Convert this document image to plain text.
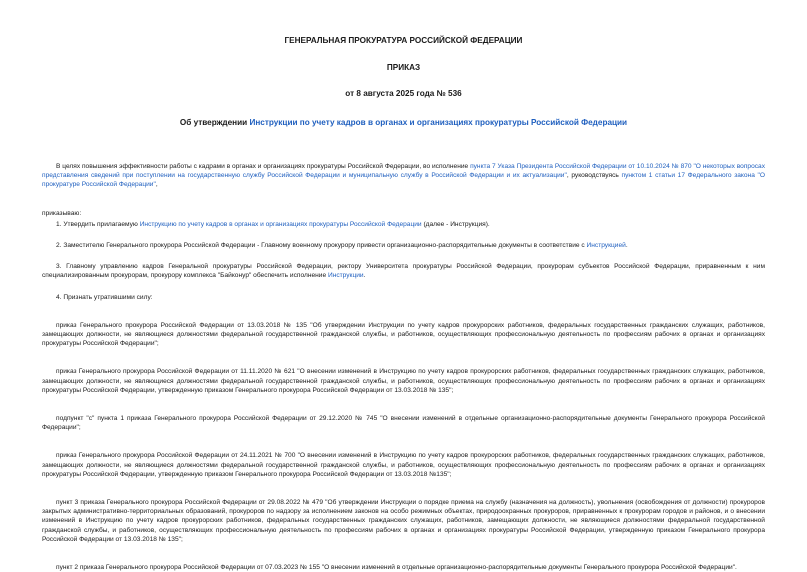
ГЕНЕРАЛЬНАЯ ПРОКУРАТУРА РОССИЙСКОЙ ФЕДЕРАЦИИ
ПРИКАЗ
от 8 августа 2025 года № 536
Об утверждении Инструкции по учету кадров в органах и организациях прокуратуры Российской Федерации

В целях повышения эффективности работы с кадрами в органах и организациях прокуратуры Российской Федерации, во исполнение пункта 7 Указа Президента Российской Федерации от 10.10.2024 № 870 "О некоторых вопросах представления сведений при поступлении на государственную службу Российской Федерации и муниципальную службу в Российской Федерации и их актуализации", руководствуясь пунктом 1 статьи 17 Федерального закона "О прокуратуре Российской Федерации",

приказываю:

1. Утвердить прилагаемую Инструкцию по учету кадров в органах и организациях прокуратуры Российской Федерации (далее - Инструкция).

2. Заместителю Генерального прокурора Российской Федерации - Главному военному прокурору привести организационно-распорядительные документы в соответствие с Инструкцией.

3. Главному управлению кадров Генеральной прокуратуры Российской Федерации, ректору Университета прокуратуры Российской Федерации, прокурорам субъектов Российской Федерации, приравненным к ним специализированным прокурорам, прокурору комплекса "Байконур" обеспечить исполнение Инструкции.

4. Признать утратившими силу:

приказ Генерального прокурора Российской Федерации от 13.03.2018 № 135 "Об утверждении Инструкции по учету кадров прокурорских работников, федеральных государственных гражданских служащих, работников, замещающих должности, не являющиеся должностями федеральной государственной гражданской службы, и работников, осуществляющих профессиональную деятельность по профессиям рабочих в органах и организациях прокуратуры Российской Федерации";

приказ Генерального прокурора Российской Федерации от 11.11.2020 № 621 "О внесении изменений в Инструкцию по учету кадров прокурорских работников, федеральных государственных гражданских служащих, работников, замещающих должности, не являющиеся должностями федеральной государственной гражданской службы, и работников, осуществляющих профессиональную деятельность по профессиям рабочих в органах и организациях прокуратуры Российской Федерации, утвержденную приказом Генерального прокурора Российской Федерации от 13.03.2018 № 135";

подпункт "с" пункта 1 приказа Генерального прокурора Российской Федерации от 29.12.2020 № 745 "О внесении изменений в отдельные организационно-распорядительные документы Генерального прокурора Российской Федерации";

приказ Генерального прокурора Российской Федерации от 24.11.2021 № 700 "О внесении изменений в Инструкцию по учету кадров прокурорских работников, федеральных государственных гражданских служащих, работников, замещающих должности, не являющиеся должностями федеральной государственной гражданской службы, и работников, осуществляющих профессиональную деятельность по профессиям рабочих в органах и организациях прокуратуры Российской Федерации, утвержденную приказом Генерального прокурора Российской Федерации от 13.03.2018 №135";

пункт 3 приказа Генерального прокурора Российской Федерации от 29.08.2022 № 479 "Об утверждении Инструкции о порядке приема на службу (назначения на должность), увольнения (освобождения от должности) прокуроров закрытых административно-территориальных образований, прокуроров по надзору за исполнением законов на особо режимных объектах, природоохранных прокуроров, приравненных к прокурорам городов и районов, и о внесении изменений в Инструкцию по учету кадров прокурорских работников, федеральных государственных гражданских служащих, работников, замещающих должности, не являющиеся должностями федеральной государственной гражданской службы, и работников, осуществляющих профессиональную деятельность по профессиям рабочих в органах и организациях прокуратуры Российской Федерации, утвержденную приказом Генерального прокурора Российской Федерации от 13.03.2018 № 135";

пункт 2 приказа Генерального прокурора Российской Федерации от 07.03.2023 № 155 "О внесении изменений в отдельные организационно-распорядительные документы Генерального прокурора Российской Федерации".
